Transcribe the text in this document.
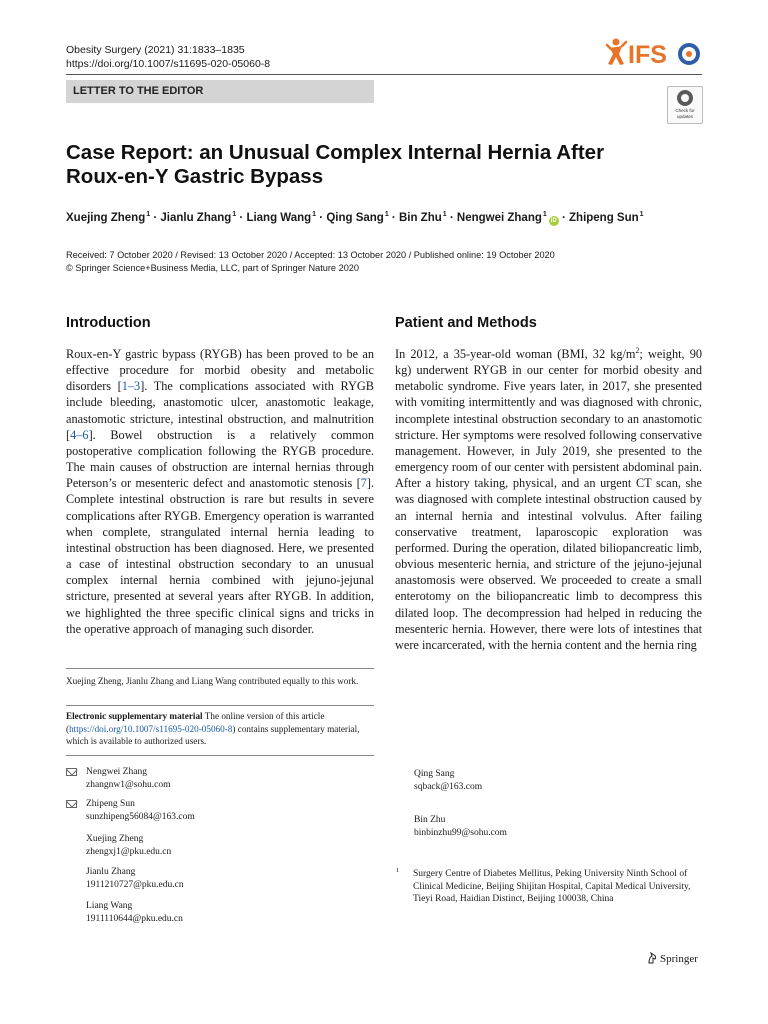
Obesity Surgery (2021) 31:1833–1835
https://doi.org/10.1007/s11695-020-05060-8	IFS
LETTER TO THE EDITOR
Check for updates
Case Report: an Unusual Complex Internal Hernia After Roux-en-Y Gastric Bypass
Xuejing Zheng$^1$ · Jianlu Zhang$^1$ · Liang Wang$^1$ · Qing Sang$^1$ · Bin Zhu$^1$ · Nengwei Zhang$^1$iD · Zhipeng Sun$^1$
Received: 7 October 2020 / Revised: 13 October 2020 / Accepted: 13 October 2020 / Published online: 19 October 2020
© Springer Science+Business Media, LLC, part of Springer Nature 2020
Introduction	Patient and Methods
Roux-en-Y gastric bypass (RYGB) has been proved to be an effective procedure for morbid obesity and metabolic disorders [1–3]. The complications associated with RYGB include bleeding, anastomotic ulcer, anastomotic leakage, anastomotic stricture, intestinal obstruction, and malnutrition [4–6]. Bowel obstruction is a relatively common postoperative complication following the RYGB procedure. The main causes of obstruction are internal hernias through Peterson’s or mesenteric defect and anastomotic stenosis [7]. Complete intestinal obstruction is rare but results in severe complications after RYGB. Emergency operation is warranted when complete, strangulated internal hernia leading to intestinal obstruction has been diagnosed. Here, we presented a case of intestinal obstruction secondary to an unusual complex internal hernia combined with jejuno-jejunal stricture, presented at several years after RYGB. In addition, we highlighted the three specific clinical signs and tricks in the operative approach of managing such disorder.
In 2012, a 35-year-old woman (BMI, 32 $kg/m^2$; weight, 90 kg) underwent RYGB in our center for morbid obesity and metabolic syndrome. Five years later, in 2017, she presented with vomiting intermittently and was diagnosed with chronic, incomplete intestinal obstruction secondary to an anastomotic stricture. Her symptoms were resolved following conservative management. However, in July 2019, she presented to the emergency room of our center with persistent abdominal pain. After a history taking, physical, and an urgent CT scan, she was diagnosed with complete intestinal obstruction caused by an internal hernia and intestinal volvulus. After failing conservative treatment, laparoscopic exploration was performed. During the operation, dilated biliopancreatic limb, obvious mesenteric hernia, and stricture of the jejuno-jejunal anastomosis were observed. We proceeded to create a small enterotomy on the biliopancreatic limb to decompress this dilated loop. The decompression had helped in reducing the mesenteric hernia. However, there were lots of intestines that were incarcerated, with the hernia content and the hernia ring
Xuejing Zheng, Jianlu Zhang and Liang Wang contributed equally to this work.
Electronic supplementary material The online version of this article (https://doi.org/10.1007/s11695-020-05060-8) contains supplementary material, which is available to authorized users.
Nengwei Zhang
zhangnw1@sohu.com
Zhipeng Sun
sunzhipeng56084@163.com
Xuejing Zheng
zhengxj1@pku.edu.cn
Jianlu Zhang
1911210727@pku.edu.cn
Liang Wang
1911110644@pku.edu.cn
Qing Sang
sqback@163.com
Bin Zhu
binbinzhu99@sohu.com
1 Surgery Centre of Diabetes Mellitus, Peking University Ninth School of Clinical Medicine, Beijing Shijitan Hospital, Capital Medical University, Tieyi Road, Haidian Distinct, Beijing 100038, China
Springer
